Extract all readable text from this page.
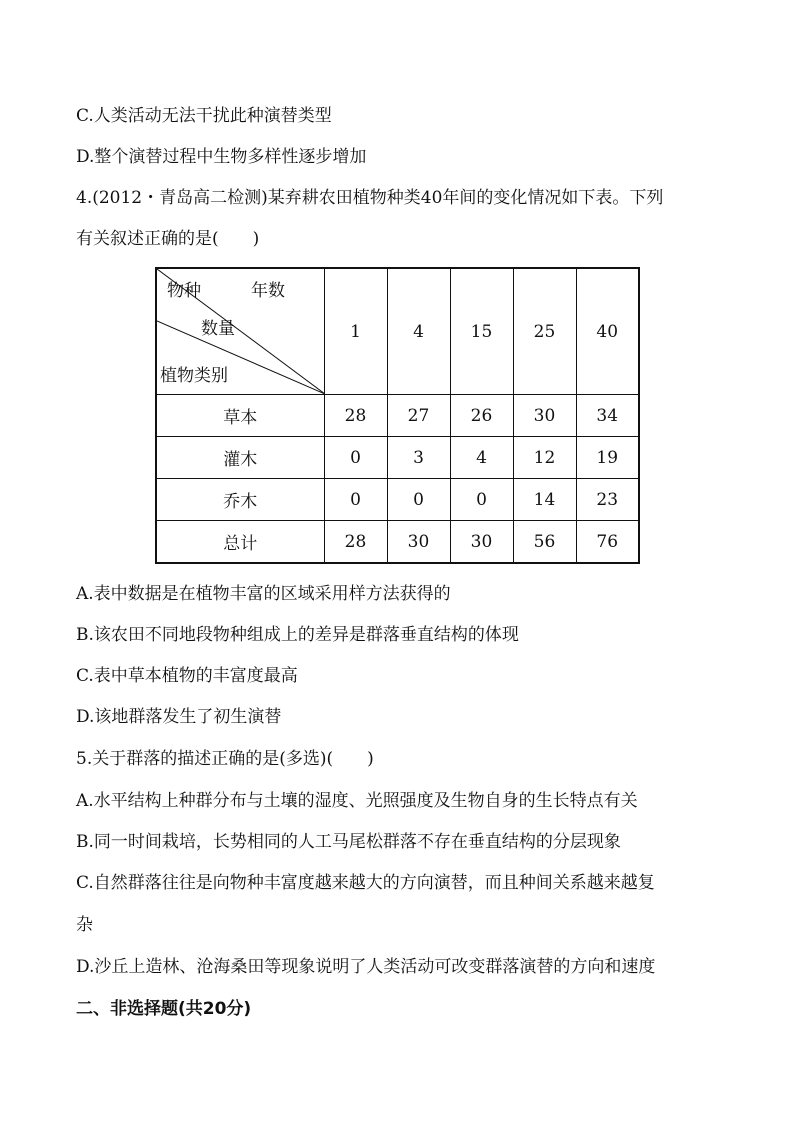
C.人类活动无法干扰此种演替类型
D.整个演替过程中生物多样性逐步增加
4.(2012・青岛高二检测)某弃耕农田植物种类40年间的变化情况如下表。下列
有关叙述正确的是(　　)
物种 年数
数量
植物类别	1	4	15	25	40
草本	28	27	26	30	34
灌木	0	3	4	12	19
乔木	0	0	0	14	23
总计	28	30	30	56	76
A.表中数据是在植物丰富的区域采用样方法获得的
B.该农田不同地段物种组成上的差异是群落垂直结构的体现
C.表中草本植物的丰富度最高
D.该地群落发生了初生演替
5.关于群落的描述正确的是(多选)(　　)
A.水平结构上种群分布与土壤的湿度、光照强度及生物自身的生长特点有关
B.同一时间栽培，长势相同的人工马尾松群落不存在垂直结构的分层现象
C.自然群落往往是向物种丰富度越来越大的方向演替，而且种间关系越来越复
杂
D.沙丘上造林、沧海桑田等现象说明了人类活动可改变群落演替的方向和速度
二、非选择题(共20分)
